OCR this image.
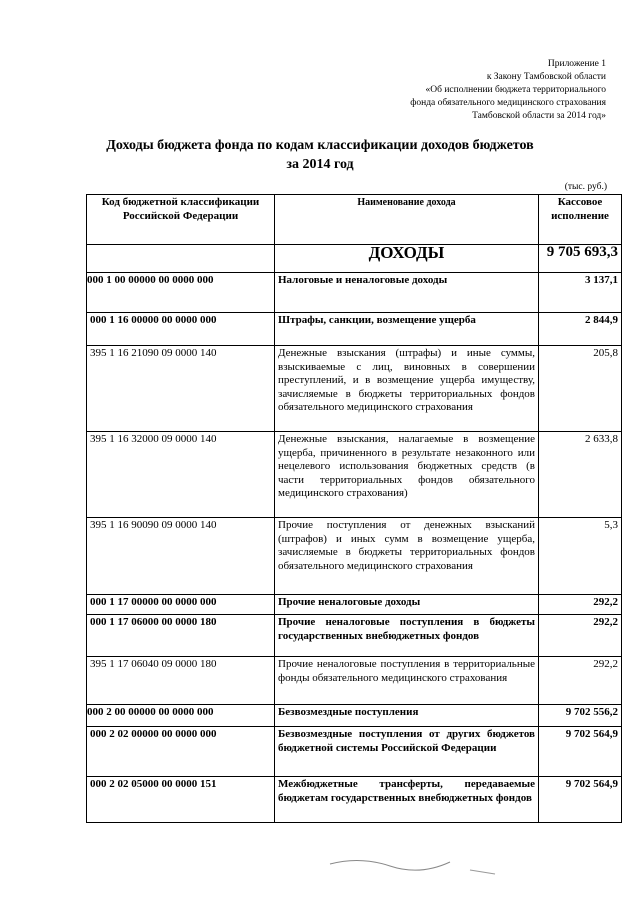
Приложение 1
к Закону Тамбовской области
«Об исполнении бюджета территориального
фонда обязательного медицинского страхования
Тамбовской области за 2014 год»
Доходы бюджета фонда по кодам классификации доходов бюджетов
за 2014 год
(тыс. руб.)
Код бюджетной классификации Российской Федерации	Наименование дохода	Кассовое исполнение
	ДОХОДЫ	9 705 693,3
000 1 00 00000 00 0000 000	Налоговые и неналоговые доходы	3 137,1
000 1 16 00000 00 0000 000	Штрафы, санкции, возмещение ущерба	2 844,9
395 1 16 21090 09 0000 140	Денежные взыскания (штрафы) и иные суммы, взыскиваемые с лиц, виновных в совершении преступлений, и в возмещение ущерба имуществу, зачисляемые в бюджеты территориальных фондов обязательного медицинского страхования	205,8
395 1 16 32000 09 0000 140	Денежные взыскания, налагаемые в возмещение ущерба, причиненного в результате незаконного или нецелевого использования бюджетных средств (в части территориальных фондов обязательного медицинского страхования)	2 633,8
395 1 16 90090 09 0000 140	Прочие поступления от денежных взысканий (штрафов) и иных сумм в возмещение ущерба, зачисляемые в бюджеты территориальных фондов обязательного медицинского страхования	5,3
000 1 17 00000 00 0000 000	Прочие неналоговые доходы	292,2
000 1 17 06000 00 0000 180	Прочие неналоговые поступления в бюджеты государственных внебюджетных фондов	292,2
395 1 17 06040 09 0000 180	Прочие неналоговые поступления в территориальные фонды обязательного медицинского страхования	292,2
000 2 00 00000 00 0000 000	Безвозмездные поступления	9 702 556,2
000 2 02 00000 00 0000 000	Безвозмездные поступления от других бюджетов бюджетной системы Российской Федерации	9 702 564,9
000 2 02 05000 00 0000 151	Межбюджетные трансферты, передаваемые бюджетам государственных внебюджетных фондов	9 702 564,9
